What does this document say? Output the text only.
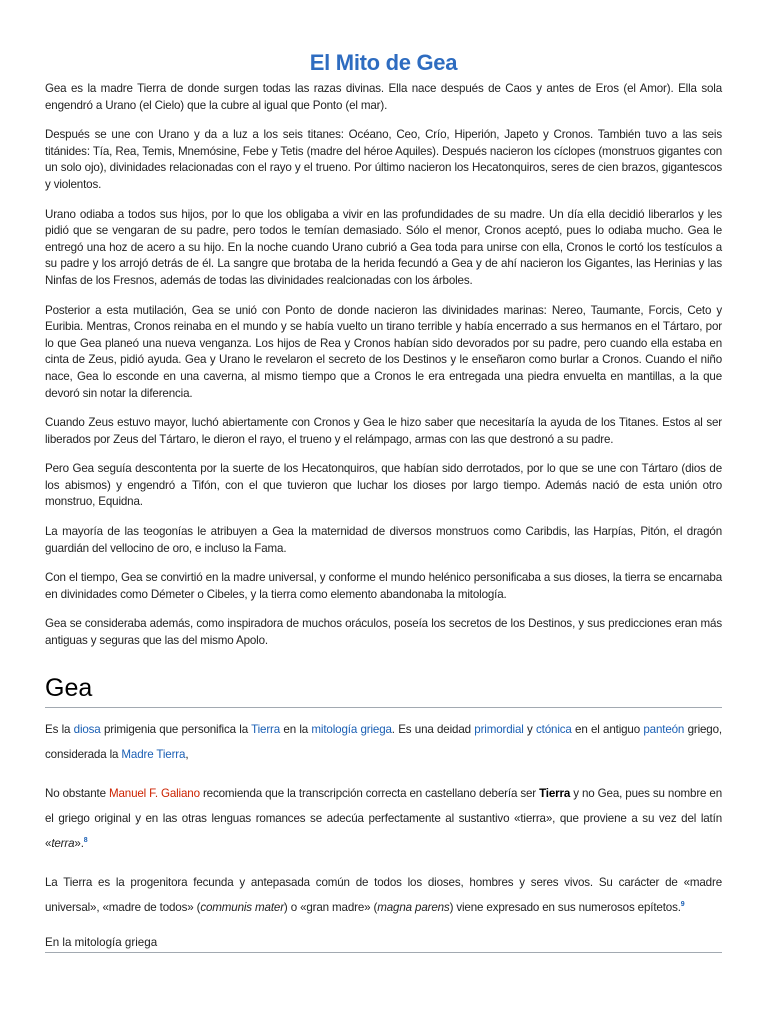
El Mito de Gea

Gea es la madre Tierra de donde surgen todas las razas divinas. Ella nace después de Caos y antes de Eros (el Amor). Ella sola engendró a Urano (el Cielo) que la cubre al igual que Ponto (el mar).

Después se une con Urano y da a luz a los seis titanes: Océano, Ceo, Crío, Hiperión, Japeto y Cronos. También tuvo a las seis titánides: Tía, Rea, Temis, Mnemósine, Febe y Tetis (madre del héroe Aquiles). Después nacieron los cíclopes (monstruos gigantes con un solo ojo), divinidades relacionadas con el rayo y el trueno. Por último nacieron los Hecatonquiros, seres de cien brazos, gigantescos y violentos.

Urano odiaba a todos sus hijos, por lo que los obligaba a vivir en las profundidades de su madre. Un día ella decidió liberarlos y les pidió que se vengaran de su padre, pero todos le temían demasiado. Sólo el menor, Cronos aceptó, pues lo odiaba mucho. Gea le entregó una hoz de acero a su hijo. En la noche cuando Urano cubrió a Gea toda para unirse con ella, Cronos le cortó los testículos a su padre y los arrojó detrás de él. La sangre que brotaba de la herida fecundó a Gea y de ahí nacieron los Gigantes, las Herinias y las Ninfas de los Fresnos, además de todas las divinidades realcionadas con los árboles.

Posterior a esta mutilación, Gea se unió con Ponto de donde nacieron las divinidades marinas: Nereo, Taumante, Forcis, Ceto y Euribia. Mentras, Cronos reinaba en el mundo y se había vuelto un tirano terrible y había encerrado a sus hermanos en el Tártaro, por lo que Gea planeó una nueva venganza. Los hijos de Rea y Cronos habían sido devorados por su padre, pero cuando ella estaba en cinta de Zeus, pidió ayuda. Gea y Urano le revelaron el secreto de los Destinos y le enseñaron como burlar a Cronos. Cuando el niño nace, Gea lo esconde en una caverna, al mismo tiempo que a Cronos le era entregada una piedra envuelta en mantillas, a la que devoró sin notar la diferencia.

Cuando Zeus estuvo mayor, luchó abiertamente con Cronos y Gea le hizo saber que necesitaría la ayuda de los Titanes. Estos al ser liberados por Zeus del Tártaro, le dieron el rayo, el trueno y el relámpago, armas con las que destronó a su padre.

Pero Gea seguía descontenta por la suerte de los Hecatonquiros, que habían sido derrotados, por lo que se une con Tártaro (dios de los abismos) y engendró a Tifón, con el que tuvieron que luchar los dioses por largo tiempo. Además nació de esta unión otro monstruo, Equidna.

La mayoría de las teogonías le atribuyen a Gea la maternidad de diversos monstruos como Caribdis, las Harpías, Pitón, el dragón guardián del vellocino de oro, e incluso la Fama.

Con el tiempo, Gea se convirtió en la madre universal, y conforme el mundo helénico personificaba a sus dioses, la tierra se encarnaba en divinidades como Démeter o Cibeles, y la tierra como elemento abandonaba la mitología.

Gea se consideraba además, como inspiradora de muchos oráculos, poseía los secretos de los Destinos, y sus predicciones eran más antiguas y seguras que las del mismo Apolo.

Gea

Es la diosa primigenia que personifica la Tierra en la mitología griega. Es una deidad primordial y ctónica en el antiguo panteón griego, considerada la Madre Tierra,

No obstante Manuel F. Galiano recomienda que la transcripción correcta en castellano debería ser Tierra y no Gea, pues su nombre en el griego original y en las otras lenguas romances se adecúa perfectamente al sustantivo «tierra», que proviene a su vez del latín «terra».$^8$

La Tierra es la progenitora fecunda y antepasada común de todos los dioses, hombres y seres vivos. Su carácter de «madre universal», «madre de todos» (communis mater) o «gran madre» (magna parens) viene expresado en sus numerosos epítetos.$^9$

En la mitología griega
